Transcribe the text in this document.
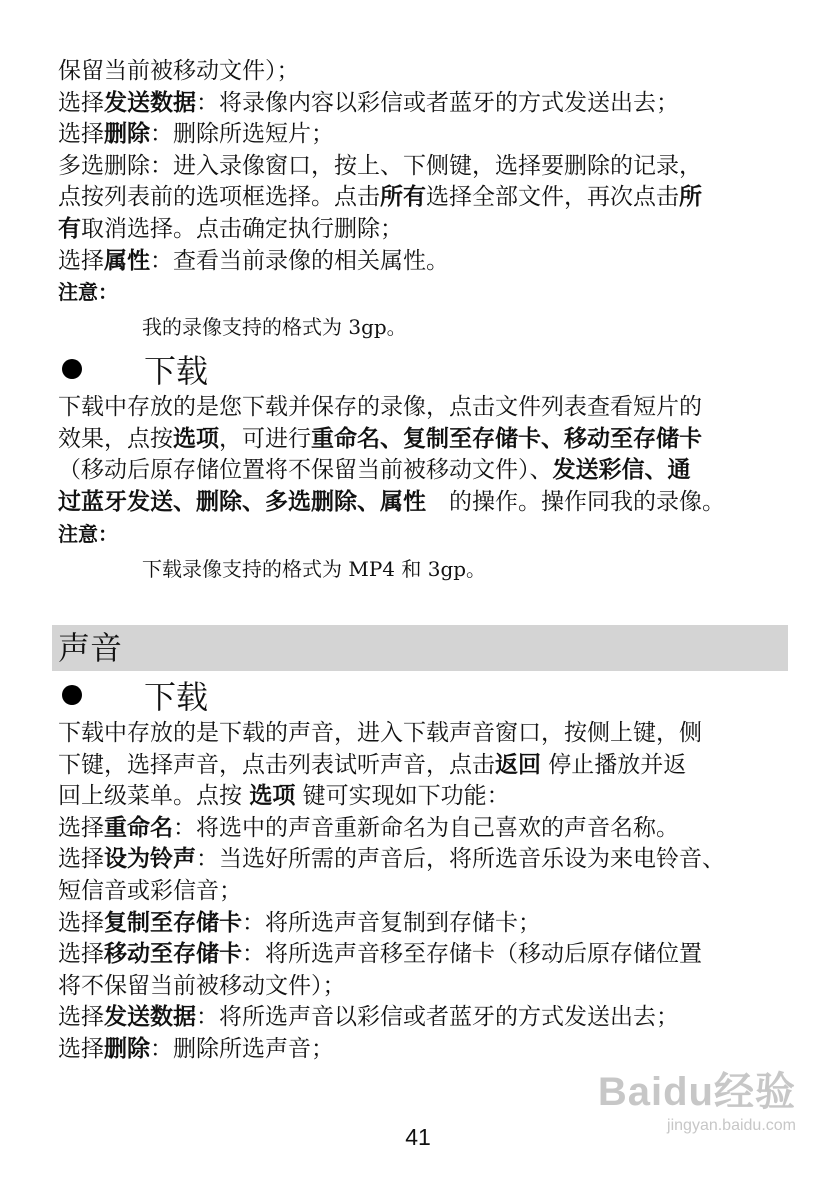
保留当前被移动文件）；
选择发送数据：将录像内容以彩信或者蓝牙的方式发送出去；
选择删除：删除所选短片；
多选删除：进入录像窗口，按上、下侧键，选择要删除的记录，
点按列表前的选项框选择。点击所有选择全部文件，再次点击所
有取消选择。点击确定执行删除；
选择属性：查看当前录像的相关属性。
注意：
我的录像支持的格式为 3gp。
下载
下载中存放的是您下载并保存的录像，点击文件列表查看短片的
效果，点按选项，可进行重命名、复制至存储卡、移动至存储卡
（移动后原存储位置将不保留当前被移动文件）、发送彩信、通
过蓝牙发送、删除、多选删除、属性　的操作。操作同我的录像。
注意：
下载录像支持的格式为 MP4 和 3gp。
声音
下载
下载中存放的是下载的声音，进入下载声音窗口，按侧上键，侧
下键，选择声音，点击列表试听声音，点击返回 停止播放并返
回上级菜单。点按 选项 键可实现如下功能：
选择重命名：将选中的声音重新命名为自己喜欢的声音名称。
选择设为铃声：当选好所需的声音后，将所选音乐设为来电铃音、
短信音或彩信音；
选择复制至存储卡：将所选声音复制到存储卡；
选择移动至存储卡：将所选声音移至存储卡（移动后原存储位置
将不保留当前被移动文件）；
选择发送数据：将所选声音以彩信或者蓝牙的方式发送出去；
选择删除：删除所选声音；
Baidu经验
jingyan.baidu.com
41
